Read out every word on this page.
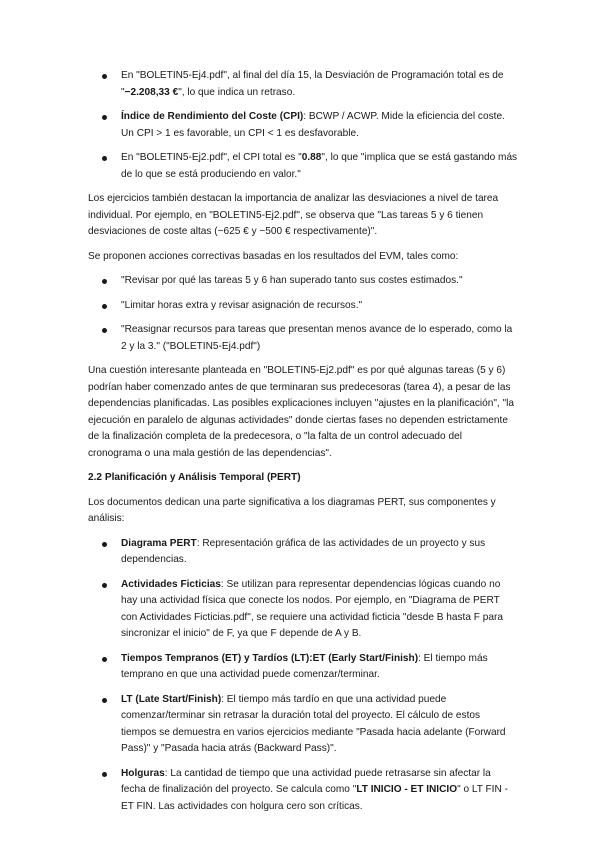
En "BOLETIN5-Ej4.pdf", al final del día 15, la Desviación de Programación total es de "−2.208,33 €", lo que indica un retraso.
Índice de Rendimiento del Coste (CPI): BCWP / ACWP. Mide la eficiencia del coste. Un CPI > 1 es favorable, un CPI < 1 es desfavorable.
En "BOLETIN5-Ej2.pdf", el CPI total es "0.88", lo que "implica que se está gastando más de lo que se está produciendo en valor."

Los ejercicios también destacan la importancia de analizar las desviaciones a nivel de tarea individual. Por ejemplo, en "BOLETIN5-Ej2.pdf", se observa que "Las tareas 5 y 6 tienen desviaciones de coste altas (−625 € y −500 € respectivamente)".

Se proponen acciones correctivas basadas en los resultados del EVM, tales como:

"Revisar por qué las tareas 5 y 6 han superado tanto sus costes estimados."
"Limitar horas extra y revisar asignación de recursos."
"Reasignar recursos para tareas que presentan menos avance de lo esperado, como la 2 y la 3." ("BOLETIN5-Ej4.pdf")

Una cuestión interesante planteada en "BOLETIN5-Ej2.pdf" es por qué algunas tareas (5 y 6) podrían haber comenzado antes de que terminaran sus predecesoras (tarea 4), a pesar de las dependencias planificadas. Las posibles explicaciones incluyen "ajustes en la planificación", "la ejecución en paralelo de algunas actividades" donde ciertas fases no dependen estrictamente de la finalización completa de la predecesora, o "la falta de un control adecuado del cronograma o una mala gestión de las dependencias".

2.2 Planificación y Análisis Temporal (PERT)

Los documentos dedican una parte significativa a los diagramas PERT, sus componentes y análisis:

Diagrama PERT: Representación gráfica de las actividades de un proyecto y sus dependencias.
Actividades Ficticias: Se utilizan para representar dependencias lógicas cuando no hay una actividad física que conecte los nodos. Por ejemplo, en "Diagrama de PERT con Actividades Ficticias.pdf", se requiere una actividad ficticia "desde B hasta F para sincronizar el inicio" de F, ya que F depende de A y B.
Tiempos Tempranos (ET) y Tardíos (LT):ET (Early Start/Finish): El tiempo más temprano en que una actividad puede comenzar/terminar.
LT (Late Start/Finish): El tiempo más tardío en que una actividad puede comenzar/terminar sin retrasar la duración total del proyecto. El cálculo de estos tiempos se demuestra en varios ejercicios mediante "Pasada hacia adelante (Forward Pass)" y "Pasada hacia atrás (Backward Pass)".
Holguras: La cantidad de tiempo que una actividad puede retrasarse sin afectar la fecha de finalización del proyecto. Se calcula como "LT INICIO - ET INICIO" o LT FIN - ET FIN. Las actividades con holgura cero son críticas.
